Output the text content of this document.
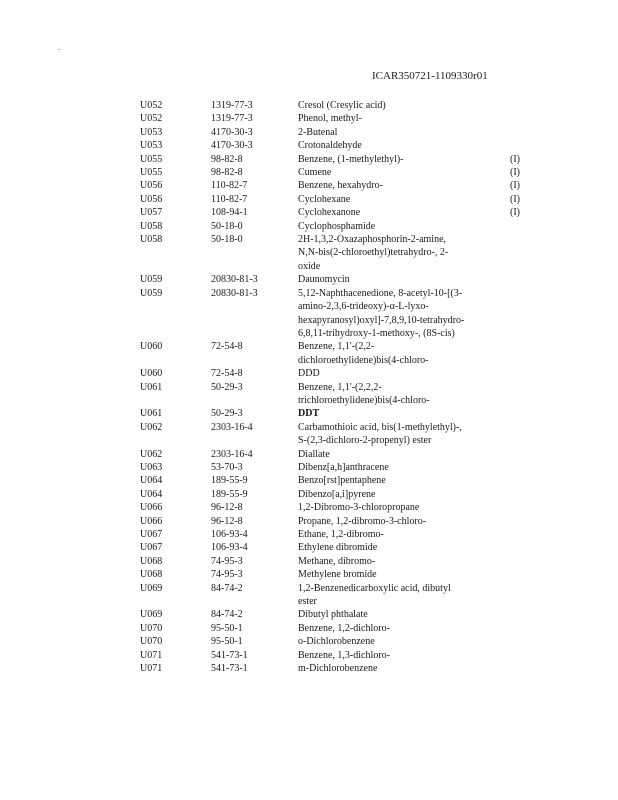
.
ICAR350721-1109330r01
U052	1319-77-3	Cresol (Cresylic acid)
U052	1319-77-3	Phenol, methyl-
U053	4170-30-3	2-Butenal
U053	4170-30-3	Crotonaldehyde
U055	98-82-8	Benzene, (1-methylethyl)-	(I)
U055	98-82-8	Cumene	(I)
U056	110-82-7	Benzene, hexahydro-	(I)
U056	110-82-7	Cyclohexane	(I)
U057	108-94-1	Cyclohexanone	(I)
U058	50-18-0	Cyclophosphamide
U058	50-18-0	2H-1,3,2-Oxazaphosphorin-2-amine,
N,N-bis(2-chloroethyl)tetrahydro-, 2-
oxide
U059	20830-81-3	Daunomycin
U059	20830-81-3	5,12-Naphthacenedione, 8-acetyl-10-[(3-
amino-2,3,6-trideoxy)-α-L-lyxo-
hexapyranosyl)oxyl]-7,8,9,10-tetrahydro-
6,8,11-trihydroxy-1-methoxy-, (8S-cis)
U060	72-54-8	Benzene, 1,1'-(2,2-
dichloroethylidene)bis(4-chloro-
U060	72-54-8	DDD
U061	50-29-3	Benzene, 1,1'-(2,2,2-
trichloroethylidene)bis(4-chloro-
U061	50-29-3	DDT
U062	2303-16-4	Carbamothioic acid, bis(1-methylethyl)-,
S-(2,3-dichloro-2-propenyl) ester
U062	2303-16-4	Diallate
U063	53-70-3	Dibenz[a,h]anthracene
U064	189-55-9	Benzo[rst]pentaphene
U064	189-55-9	Dibenzo[a,i]pyrene
U066	96-12-8	1,2-Dibromo-3-chloropropane
U066	96-12-8	Propane, 1,2-dibromo-3-chloro-
U067	106-93-4	Ethane, 1,2-dibromo-
U067	106-93-4	Ethylene dibromide
U068	74-95-3	Methane, dibromo-
U068	74-95-3	Methylene bromide
U069	84-74-2	1,2-Benzenedicarboxylic acid, dibutyl
ester
U069	84-74-2	Dibutyl phthalate
U070	95-50-1	Benzene, 1,2-dichloro-
U070	95-50-1	o-Dichlorobenzene
U071	541-73-1	Benzene, 1,3-dichloro-
U071	541-73-1	m-Dichlorobenzene
